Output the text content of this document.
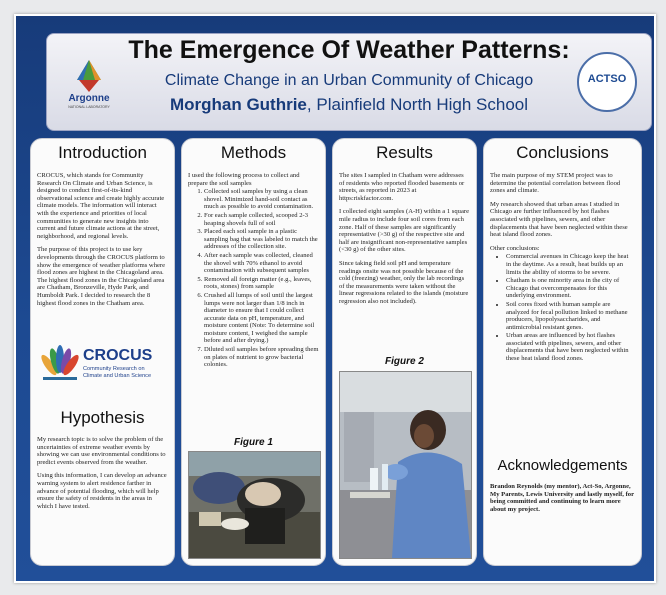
The Emergence Of Weather Patterns:
Climate Change in an Urban Community of Chicago
Morghan Guthrie, Plainfield North High School
Argonne
NATIONAL LABORATORY
ACTSO
Introduction

CROCUS, which stands for Community Research On Climate and Urban Science, is designed to conduct first-of-its-kind observational science and create highly accurate climate models. The information will interact with the experience and priorities of local communities to generate new insights into current and future climate actions at the street, neighborhood, and regional levels.

The purpose of this project is to use key developments through the CROCUS platform to show the emergence of weather platforms where flood zones are highest in the Chicagoland area. The highest flood zones in the Chicagoland area are Chatham, Bronzeville, Hyde Park, and Humboldt Park. I decided to research the 8 highest flood zones in the Chatham area.

CROCUS
Community Research on
Climate and Urban Science
Hypothesis

My research topic is to solve the problem of the uncertainties of extreme weather events by showing we can use environmental conditions to predict events observed from the weather.

Using this information, I can develop an advance warning system to alert residence farther in advance of potential flooding, which will help ensure the safety of residents in the areas in which I have tested.

Methods

I used the following process to collect and prepare the soil samples

1. Collected soil samples by using a clean shovel. Minimized hand-soil contact as much as possible to avoid contamination.
2. For each sample collected, scooped 2-3 heaping shovels full of soil
3. Placed each soil sample in a plastic sampling bag that was labeled to match the addresses of the collection site.
4. After each sample was collected, cleaned the shovel with 70% ethanol to avoid contamination with subsequent samples
5. Removed all foreign matter (e.g., leaves, roots, stones) from sample
6. Crushed all lumps of soil until the largest lumps were not larger than 1/8 inch in diameter to ensure that I could collect accurate data on pH, temperature, and moisture content (Note: To determine soil moisture content, I weighed the sample before and after drying.)
7. Diluted soil samples before spreading them on plates of nutrient to grow bacterial colonies.
Figure 1
Results

The sites I sampled in Chatham were addresses of residents who reported flooded basements or streets, as reported in 2023 at https:riskfactor.com.

I collected eight samples (A-H) within a 1 square mile radius to include four soil cores from each zone. Half of these samples are significantly representative (>30 g) of the respective site and half are insignificant non-representative samples (<30 g) of the other sites.

Since taking field soil pH and temperature readings onsite was not possible because of the cold (freezing) weather, only the lab recordings of the measurements were taken without the linear regressions related to the islands (moisture regression also not included).

Figure 2
Conclusions

The main purpose of my STEM project was to determine the potential correlation between flood zones and climate.

My research showed that urban areas I studied in Chicago are further influenced by hot flashes associated with pipelines, sewers, and other displacements that have been neglected within these heat island flood zones.

Other conclusions:

• Commercial avenues in Chicago keep the heat in the daytime. As a result, heat builds up an limits the ability of storms to be severe.
• Chatham is one minority area in the city of Chicago that overcompensates for this underlying environment.
• Soil cores fixed with human sample are analyzed for fecal pollution linked to methane producers, lipopolysaccharides, and antimicrobial resistant genes.
• Urban areas are influenced by hot flashes associated with pipelines, sewers, and other displacements that have been neglected within these heat island flood zones.
Acknowledgements
Brandon Reynolds (my mentor), Act-So, Argonne, My Parents, Lewis University and lastly myself, for being committed and continuing to learn more about my project.
